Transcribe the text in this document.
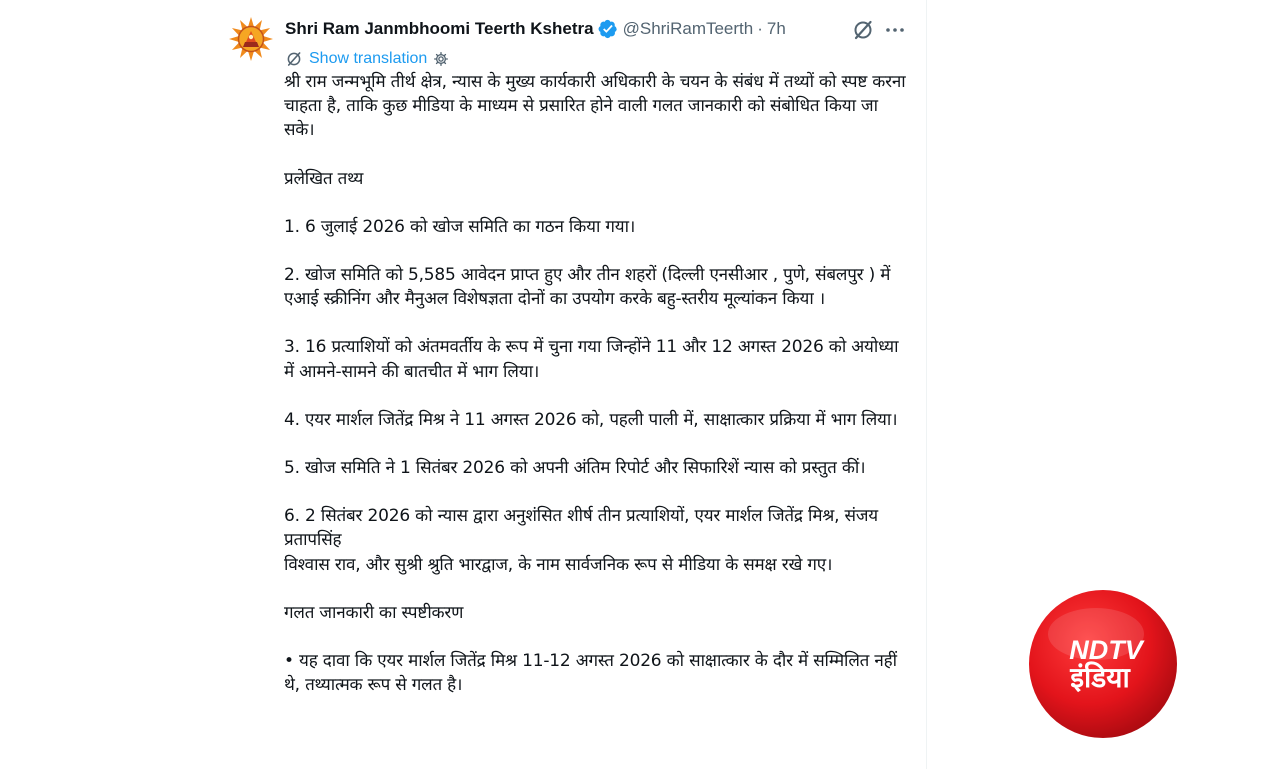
Shri Ram Janmbhoomi Teerth Kshetra @ShriRamTeerth · 7h
Show translation

श्री राम जन्मभूमि तीर्थ क्षेत्र, न्यास के मुख्य कार्यकारी अधिकारी के चयन के संबंध में तथ्यों को स्पष्ट करना चाहता है, ताकि कुछ मीडिया के माध्यम से प्रसारित होने वाली गलत जानकारी को संबोधित किया जा सके।

प्रलेखित तथ्य

1. 6 जुलाई 2026 को खोज समिति का गठन किया गया।

2. खोज समिति को 5,585 आवेदन प्राप्त हुए और तीन शहरों (दिल्ली एनसीआर , पुणे, संबलपुर ) में एआई स्क्रीनिंग और मैनुअल विशेषज्ञता दोनों का उपयोग करके बहु-स्तरीय मूल्यांकन किया ।

3. 16 प्रत्याशियों को अंतमवर्तीय के रूप में चुना गया जिन्होंने 11 और 12 अगस्त 2026 को अयोध्या में आमने-सामने की बातचीत में भाग लिया।

4. एयर मार्शल जितेंद्र मिश्र ने 11 अगस्त 2026 को, पहली पाली में, साक्षात्कार प्रक्रिया में भाग लिया।

5. खोज समिति ने 1 सितंबर 2026 को अपनी अंतिम रिपोर्ट और सिफारिशें न्यास को प्रस्तुत कीं।

6. 2 सितंबर 2026 को न्यास द्वारा अनुशंसित शीर्ष तीन प्रत्याशियों, एयर मार्शल जितेंद्र मिश्र, संजय प्रतापसिंह
विश्वास राव, और सुश्री श्रुति भारद्वाज, के नाम सार्वजनिक रूप से मीडिया के समक्ष रखे गए।

गलत जानकारी का स्पष्टीकरण

• यह दावा कि एयर मार्शल जितेंद्र मिश्र 11-12 अगस्त 2026 को साक्षात्कार के दौर में सम्मिलित नहीं थे, तथ्यात्मक रूप से गलत है।

NDTV
इंडिया
